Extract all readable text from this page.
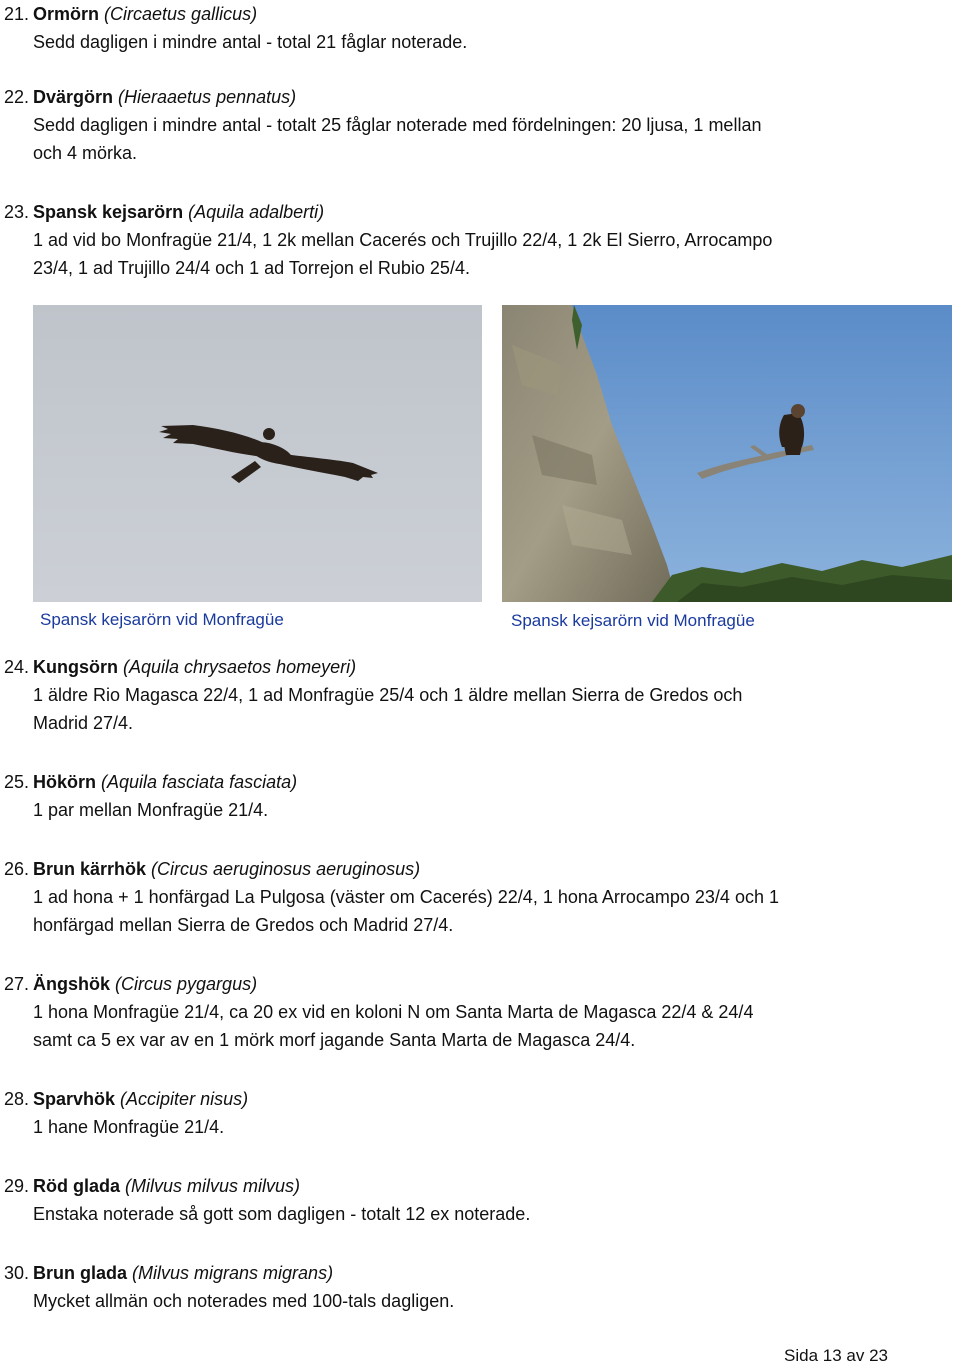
21. Ormörn (Circaetus gallicus)
Sedd dagligen i mindre antal - total 21 fåglar noterade.
22. Dvärgörn (Hieraaetus pennatus)
Sedd dagligen i mindre antal - totalt 25 fåglar noterade med fördelningen: 20 ljusa, 1 mellan
och 4 mörka.
23. Spansk kejsarörn (Aquila adalberti)
1 ad vid bo Monfragüe 21/4, 1 2k mellan Cacerés och Trujillo 22/4, 1 2k El Sierro, Arrocampo
23/4, 1 ad Trujillo 24/4 och 1 ad Torrejon el Rubio 25/4.
Spansk kejsarörn vid Monfragüe	Spansk kejsarörn vid Monfragüe
24. Kungsörn (Aquila chrysaetos homeyeri)
1 äldre Rio Magasca 22/4, 1 ad Monfragüe 25/4 och 1 äldre mellan Sierra de Gredos och
Madrid 27/4.
25. Hökörn (Aquila fasciata fasciata)
1 par mellan Monfragüe 21/4.
26. Brun kärrhök (Circus aeruginosus aeruginosus)
1 ad hona + 1 honfärgad La Pulgosa (väster om Cacerés) 22/4, 1 hona Arrocampo 23/4 och 1
honfärgad mellan Sierra de Gredos och Madrid 27/4.
27. Ängshök (Circus pygargus)
1 hona Monfragüe 21/4, ca 20 ex vid en koloni N om Santa Marta de Magasca 22/4 & 24/4
samt ca 5 ex var av en 1 mörk morf jagande Santa Marta de Magasca 24/4.
28. Sparvhök (Accipiter nisus)
1 hane Monfragüe 21/4.
29. Röd glada (Milvus milvus milvus)
Enstaka noterade så gott som dagligen - totalt 12 ex noterade.
30. Brun glada (Milvus migrans migrans)
Mycket allmän och noterades med 100-tals dagligen.
Sida 13 av 23
